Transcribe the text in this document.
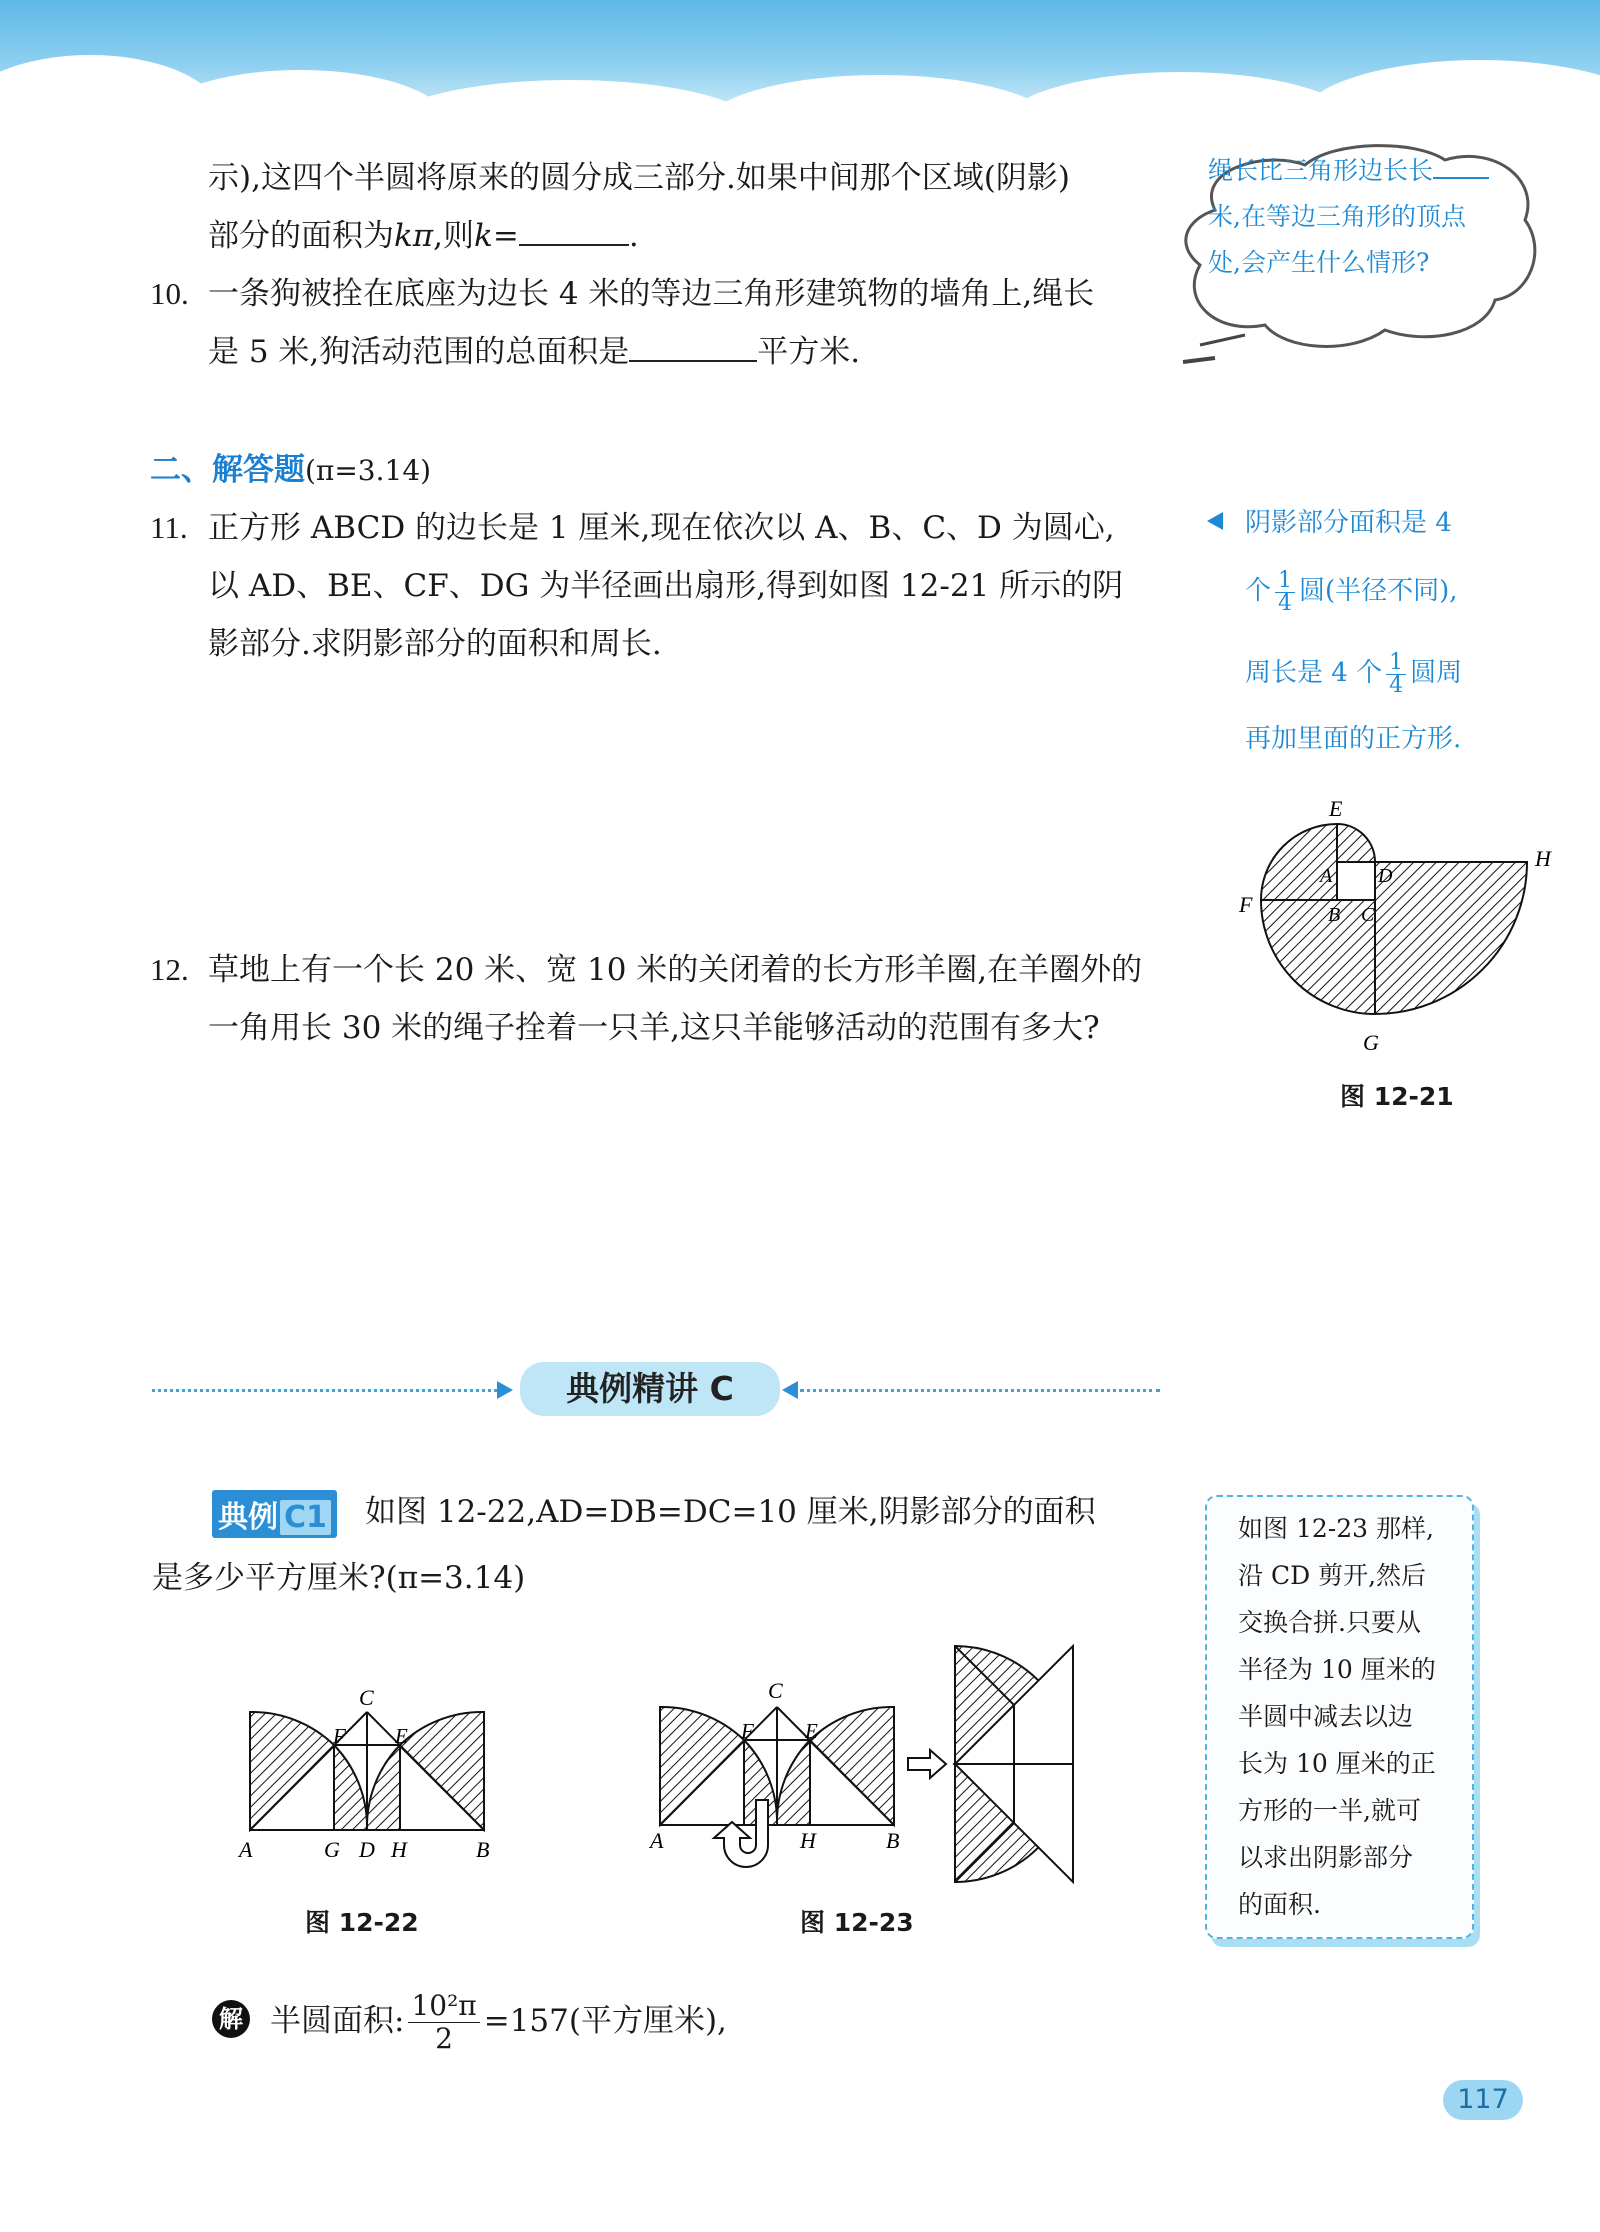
示),这四个半圆将原来的圆分成三部分.如果中间那个区域(阴影)
部分的面积为kπ,则k=	.
10. 一条狗被拴在底座为边长 4 米的等边三角形建筑物的墙角上,绳长
是 5 米,狗活动范围的总面积是	平方米.
绳长比三角形边长长
米,在等边三角形的顶点
处,会产生什么情形?
二、解答题(π=3.14)
11. 正方形 ABCD 的边长是 1 厘米,现在依次以 A、B、C、D 为圆心,
以 AD、BE、CF、DG 为半径画出扇形,得到如图 12-21 所示的阴
影部分.求阴影部分的面积和周长.
阴影部分面积是 4
个 $\frac{1}{4}$ 圆(半径不同),
周长是 4 个 $\frac{1}{4}$ 圆周
再加里面的正方形.
E
A D
H
F	B C
G
图 12-21
12. 草地上有一个长 20 米、宽 10 米的关闭着的长方形羊圈,在羊圈外的
一角用长 30 米的绳子拴着一只羊,这只羊能够活动的范围有多大?
典例精讲 C
典例 C1	如图 12-22,AD=DB=DC=10 厘米,阴影部分的面积
是多少平方厘米?(π=3.14)
C
F E
A	G D H	B
图 12-22
C
F E
A	H	B
图 12-23
如图 12-23 那样,
沿 CD 剪开,然后
交换合拼.只要从
半径为 10 厘米的
半圆中减去以边
长为 10 厘米的正
方形的一半,就可
以求出阴影部分
的面积.
解 半圆面积: $\frac{\text{10²π}}{2} =157$(平方厘米),
117
